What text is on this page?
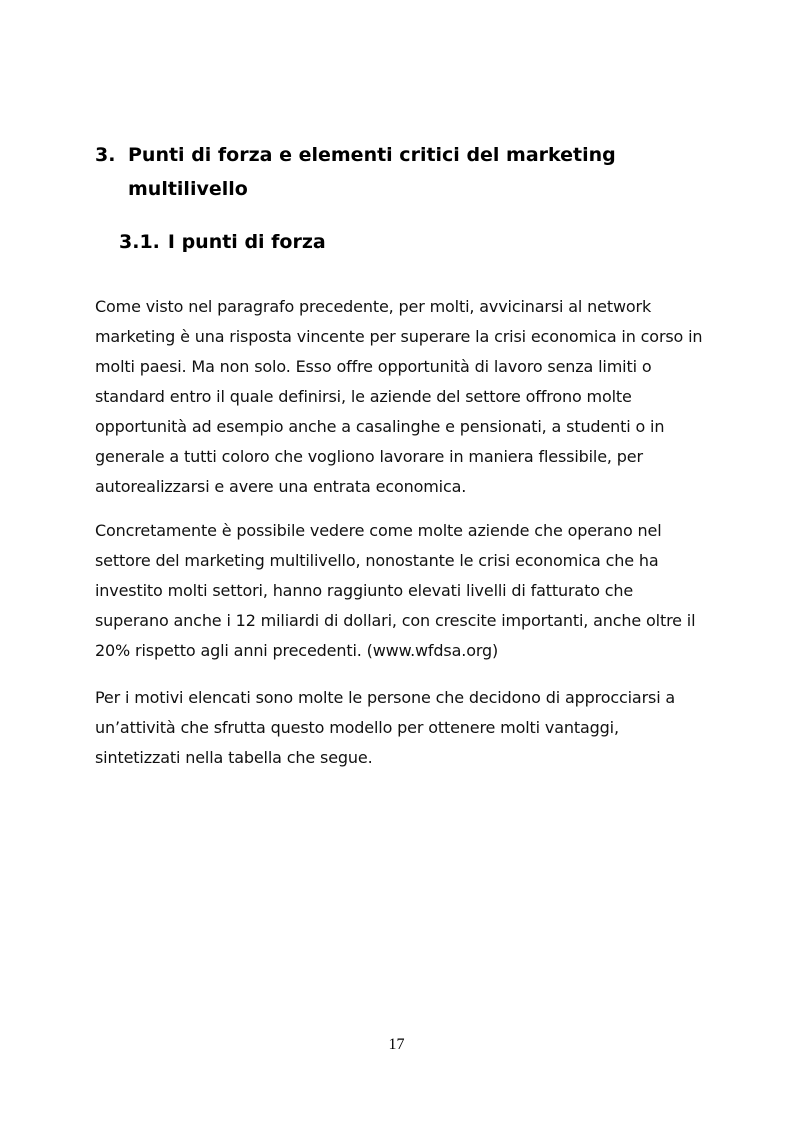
3. Punti di forza e elementi critici del marketing multilivello
3.1. I punti di forza
Come visto nel paragrafo precedente, per molti, avvicinarsi al network marketing è una risposta vincente per superare la crisi economica in corso in molti paesi. Ma non solo. Esso offre opportunità di lavoro senza limiti o standard entro il quale definirsi, le aziende del settore offrono molte opportunità ad esempio anche a casalinghe e pensionati, a studenti o in generale a tutti coloro che vogliono lavorare in maniera flessibile, per autorealizzarsi e avere una entrata economica.
Concretamente è possibile vedere come molte aziende che operano nel settore del marketing multilivello, nonostante le crisi economica che ha investito molti settori, hanno raggiunto elevati livelli di fatturato che superano anche i 12 miliardi di dollari, con crescite importanti, anche oltre il 20% rispetto agli anni precedenti. (www.wfdsa.org)
Per i motivi elencati sono molte le persone che decidono di approcciarsi a un’attività che sfrutta questo modello per ottenere molti vantaggi, sintetizzati nella tabella che segue.
17
